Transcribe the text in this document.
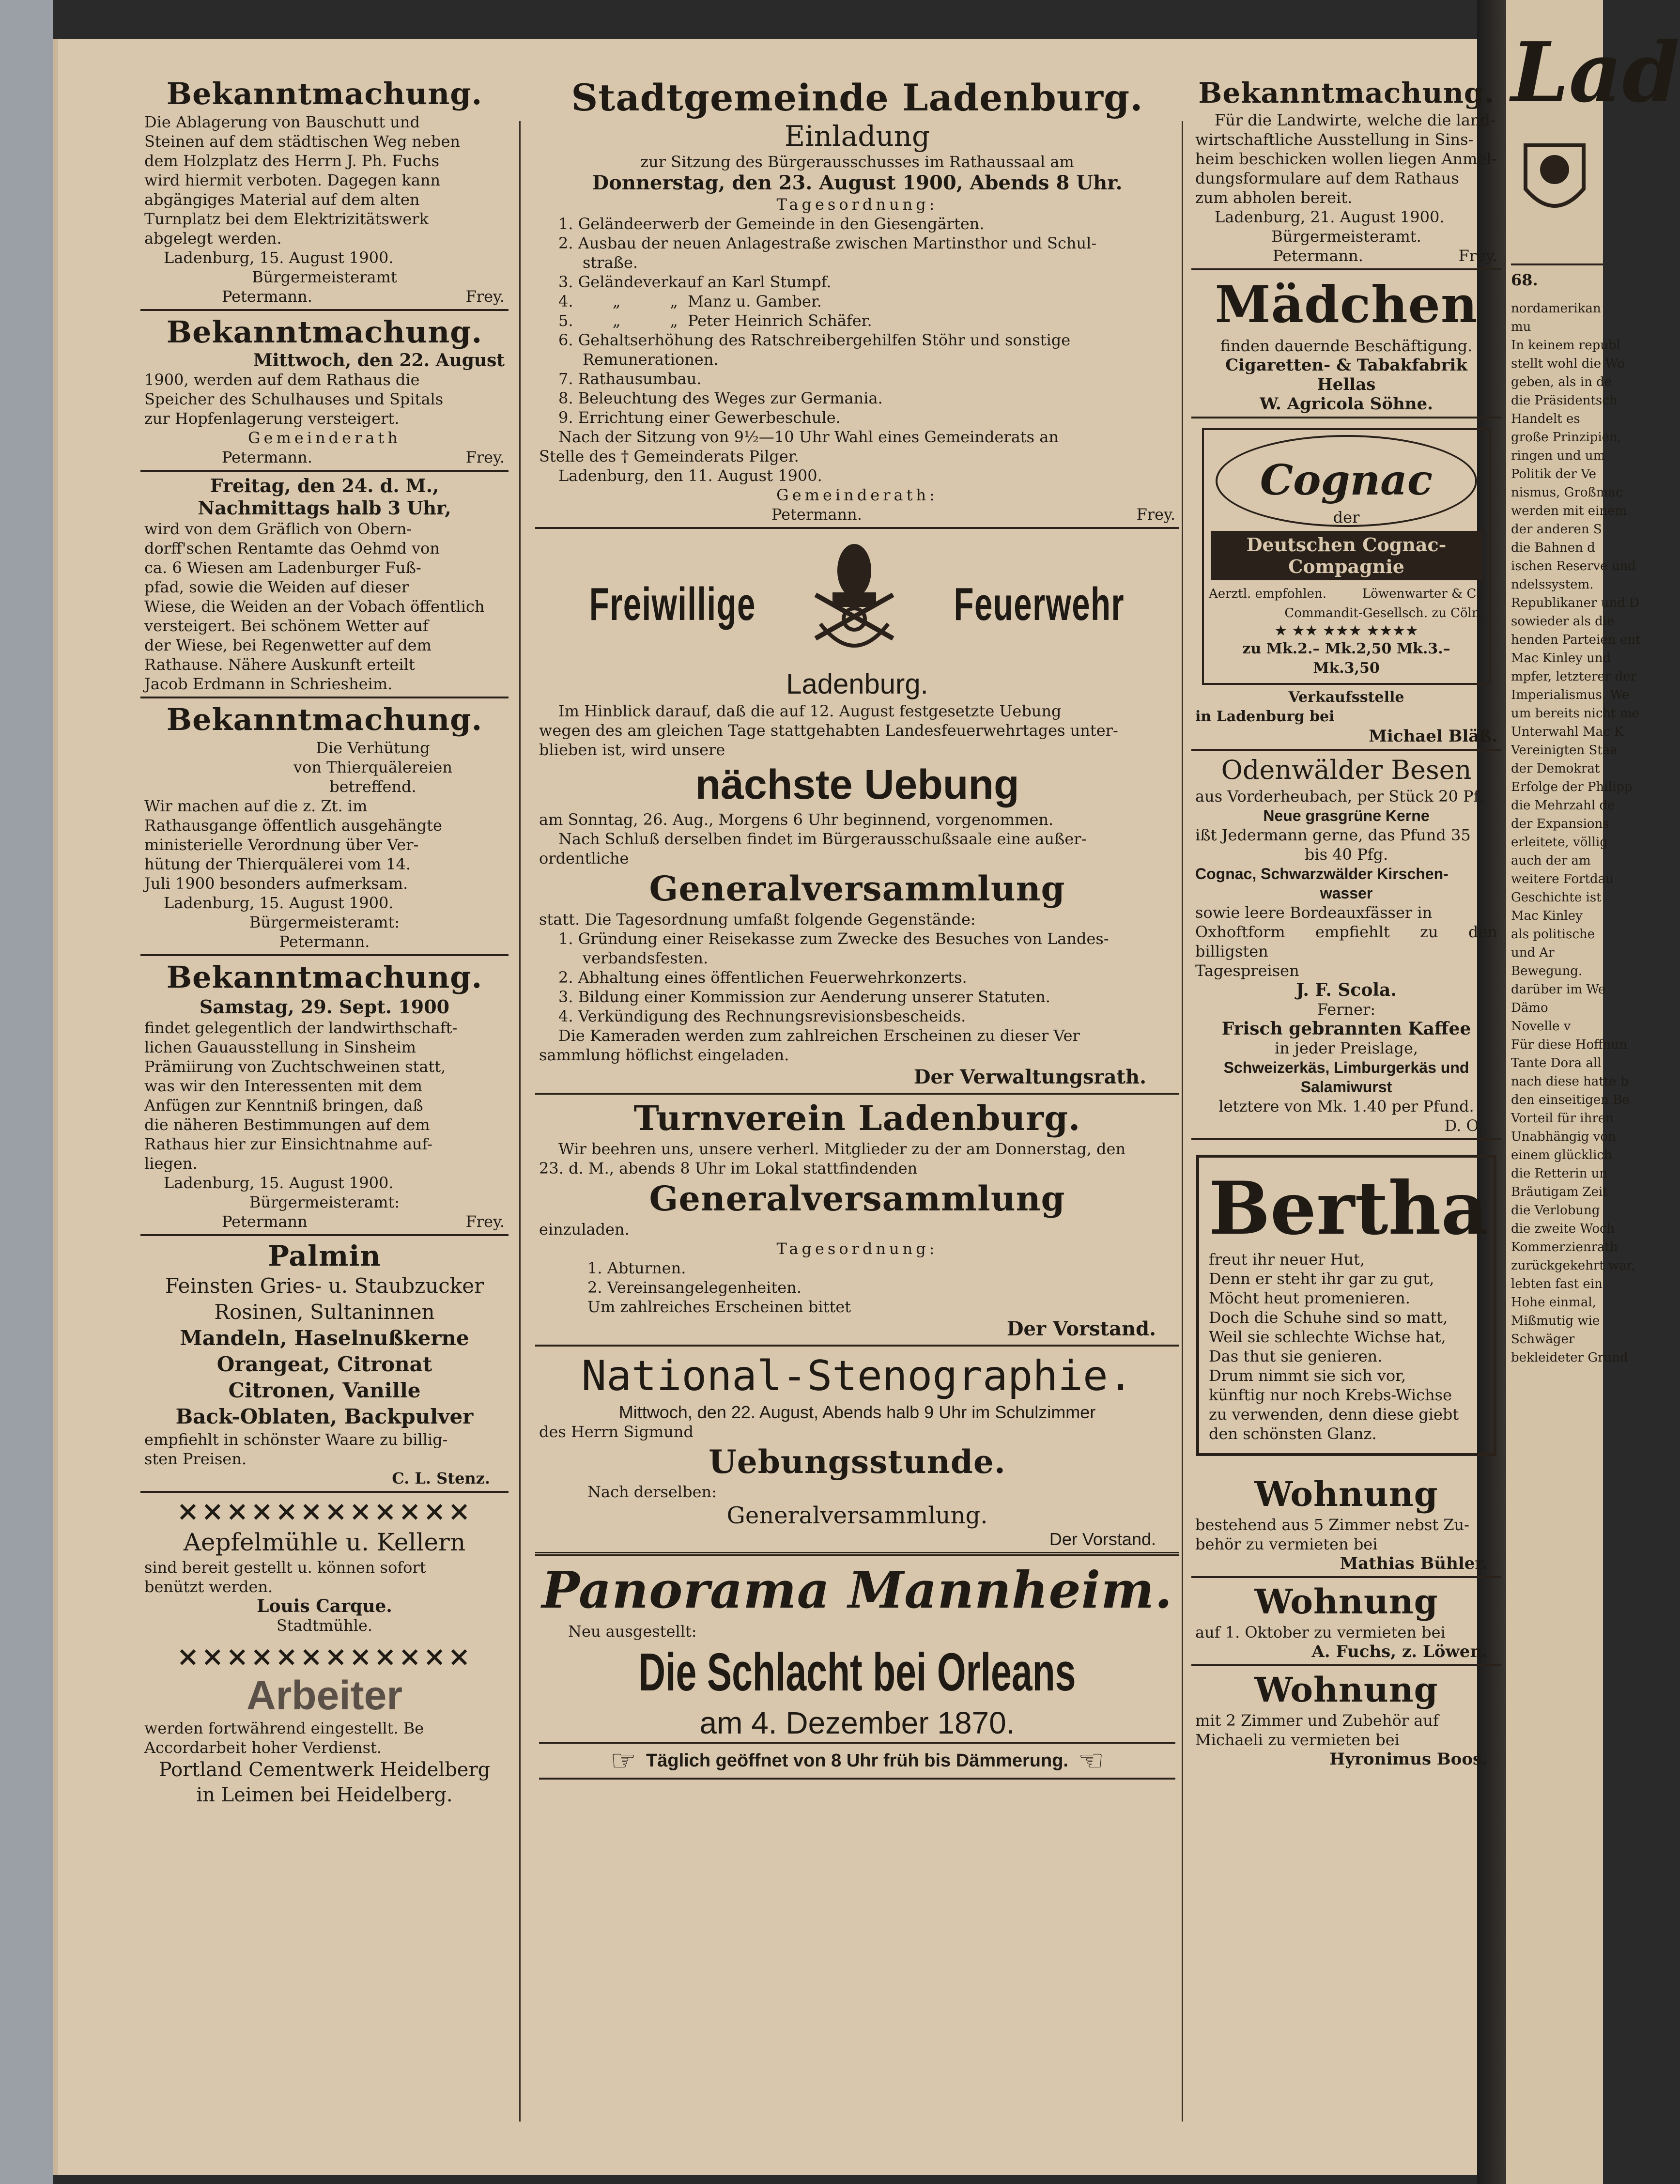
Bekanntmachung.
Die Ablagerung von Bauschutt und
Steinen auf dem städtischen Weg neben
dem Holzplatz des Herrn J. Ph. Fuchs
wird hiermit verboten. Dagegen kann
abgängiges Material auf dem alten
Turnplatz bei dem Elektrizitätswerk
abgelegt werden.
Ladenburg, 15. August 1900.
Bürgermeisteramt
Petermann.	Frey.
Bekanntmachung.
Mittwoch, den 22. August
1900, werden auf dem Rathaus die
Speicher des Schulhauses und Spitals
zur Hopfenlagerung versteigert.
Gemeinderath
Petermann.	Frey.
Freitag, den 24. d. M.,
Nachmittags halb 3 Uhr,
wird von dem Gräflich von Obern-
dorff'schen Rentamte das Oehmd von
ca. 6 Wiesen am Ladenburger Fuß-
pfad, sowie die Weiden auf dieser
Wiese, die Weiden an der Vobach öffentlich
versteigert. Bei schönem Wetter auf
der Wiese, bei Regenwetter auf dem
Rathause. Nähere Auskunft erteilt
Jacob Erdmann in Schriesheim.
Bekanntmachung.
Die Verhütung
von Thierquälereien
betreffend.
Wir machen auf die z. Zt. im
Rathausgange öffentlich ausgehängte
ministerielle Verordnung über Ver-
hütung der Thierquälerei vom 14.
Juli 1900 besonders aufmerksam.
Ladenburg, 15. August 1900.
Bürgermeisteramt:
Petermann.
Bekanntmachung.
Samstag, 29. Sept. 1900
findet gelegentlich der landwirthschaft-
lichen Gauausstellung in Sinsheim
Prämiirung von Zuchtschweinen statt,
was wir den Interessenten mit dem
Anfügen zur Kenntniß bringen, daß
die näheren Bestimmungen auf dem
Rathaus hier zur Einsichtnahme auf-
liegen.
Ladenburg, 15. August 1900.
Bürgermeisteramt:
Petermann	Frey.
Palmin
Feinsten Gries- u. Staubzucker
Rosinen, Sultaninnen
Mandeln, Haselnußkerne
Orangeat, Citronat
Citronen, Vanille
Back-Oblaten, Backpulver
empfiehlt in schönster Waare zu billig-
sten Preisen.
C. L. Stenz.
××××××××××××
Aepfelmühle u. Kellern
sind bereit gestellt u. können sofort
benützt werden.
Louis Carque.
Stadtmühle.
××××××××××××
Arbeiter
werden fortwährend eingestellt. Be
Accordarbeit hoher Verdienst.
Portland Cementwerk Heidelberg
in Leimen bei Heidelberg.
Stadtgemeinde Ladenburg.
Einladung
zur Sitzung des Bürgerausschusses im Rathaussaal am
Donnerstag, den 23. August 1900, Abends 8 Uhr.
Tagesordnung:
1. Geländeerwerb der Gemeinde in den Giesengärten.
2. Ausbau der neuen Anlagestraße zwischen Martinsthor und Schul-
straße.
3. Geländeverkauf an Karl Stumpf.
4.        „          „  Manz u. Gamber.
5.        „          „  Peter Heinrich Schäfer.
6. Gehaltserhöhung des Ratschreibergehilfen Stöhr und sonstige
Remunerationen.
7. Rathausumbau.
8. Beleuchtung des Weges zur Germania.
9. Errichtung einer Gewerbeschule.
Nach der Sitzung von 9½—10 Uhr Wahl eines Gemeinderats an
Stelle des † Gemeinderats Pilger.
Ladenburg, den 11. August 1900.
Gemeinderath:
Petermann.	Frey.
Freiwillige	Feuerwehr
Ladenburg.
Im Hinblick darauf, daß die auf 12. August festgesetzte Uebung
wegen des am gleichen Tage stattgehabten Landesfeuerwehrtages unter-
blieben ist, wird unsere
nächste Uebung
am Sonntag, 26. Aug., Morgens 6 Uhr beginnend, vorgenommen.
Nach Schluß derselben findet im Bürgerausschußsaale eine außer-
ordentliche
Generalversammlung
statt. Die Tagesordnung umfaßt folgende Gegenstände:
1. Gründung einer Reisekasse zum Zwecke des Besuches von Landes-
verbandsfesten.
2. Abhaltung eines öffentlichen Feuerwehrkonzerts.
3. Bildung einer Kommission zur Aenderung unserer Statuten.
4. Verkündigung des Rechnungsrevisionsbescheids.
Die Kameraden werden zum zahlreichen Erscheinen zu dieser Ver
sammlung höflichst eingeladen.
Der Verwaltungsrath.
Turnverein Ladenburg.
Wir beehren uns, unsere verherl. Mitglieder zu der am Donnerstag, den
23. d. M., abends 8 Uhr im Lokal stattfindenden
Generalversammlung
einzuladen.
Tagesordnung:
1. Abturnen.
2. Vereinsangelegenheiten.
Um zahlreiches Erscheinen bittet
Der Vorstand.
National-Stenographie.
Mittwoch, den 22. August, Abends halb 9 Uhr im Schulzimmer
des Herrn Sigmund
Uebungsstunde.
Nach derselben:
Generalversammlung.
Der Vorstand.
Panorama Mannheim.
Neu ausgestellt:
Die Schlacht bei Orleans
am 4. Dezember 1870.
☞ Täglich geöffnet von 8 Uhr früh bis Dämmerung. ☜
Bekanntmachung.
Für die Landwirte, welche die land-
wirtschaftliche Ausstellung in Sins-
heim beschicken wollen liegen Anmel-
dungsformulare auf dem Rathaus
zum abholen bereit.
Ladenburg, 21. August 1900.
Bürgermeisteramt.
Petermann.	Frey.
Mädchen
finden dauernde Beschäftigung.
Cigaretten- & Tabakfabrik Hellas
W. Agricola Söhne.
Cognac
der
Deutschen Cognac-Compagnie
Aerztl. empfohlen.	Löwenwarter & Co
Commandit-Gesellsch. zu Cöln.
★ ★★ ★★★ ★★★★
zu Mk.2.– Mk.2,50 Mk.3.– Mk.3,50
Verkaufsstelle
in Ladenburg bei
Michael Bläß.
Odenwälder Besen
aus Vorderheubach, per Stück 20 Pf.
Neue grasgrüne Kerne
ißt Jedermann gerne, das Pfund 35
bis 40 Pfg.
Cognac, Schwarzwälder Kirschen-
wasser
sowie leere Bordeauxfässer in
Oxhoftform empfiehlt zu den billigsten
Tagespreisen
J. F. Scola.
Ferner:
Frisch gebrannten Kaffee
in jeder Preislage,
Schweizerkäs, Limburgerkäs und
Salamiwurst
letztere von Mk. 1.40 per Pfund.
D. O.
Bertha
freut ihr neuer Hut,
Denn er steht ihr gar zu gut,
Möcht heut promenieren.
Doch die Schuhe sind so matt,
Weil sie schlechte Wichse hat,
Das thut sie genieren.
Drum nimmt sie sich vor,
künftig nur noch Krebs-Wichse
zu verwenden, denn diese giebt
den schönsten Glanz.
Wohnung
bestehend aus 5 Zimmer nebst Zu-
behör zu vermieten bei
Mathias Bühler.
Wohnung
auf 1. Oktober zu vermieten bei
A. Fuchs, z. Löwen.
Wohnung
mit 2 Zimmer und Zubehör auf
Michaeli zu vermieten bei
Hyronimus Boos.
Lad
68.
nordamerikan
mu
In keinem republ
stellt wohl die Wo
geben, als in de
die Präsidentsch
Handelt es
große Prinzipien,
ringen und um
Politik der Ve
nismus, Großmac
werden mit einem
der anderen S
die Bahnen d
ischen Reserve und
ndelssystem.
Republikaner und D
sowieder als die
henden Parteien ent
Mac Kinley und
mpfer, letzterer der
Imperialismus. We
um bereits nicht me
Unterwahl Mac K
Vereinigten Staa
der Demokrat
Erfolge der Philipp
die Mehrzahl de
der Expansions
erleitete, völlig
auch der am
weitere Fortdau
Geschichte ist
Mac Kinley
als politische
und Ar
Bewegung.
darüber im We
Dämo
Novelle v
Für diese Hoffnun
Tante Dora all
nach diese hatte b
den einseitigen Be
Vorteil für ihren
Unabhängig von
einem glücklich
die Retterin un
Bräutigam Zeit
die Verlobung
die zweite Woch
Kommerzienrath
zurückgekehrt war,
lebten fast ein
Hohe einmal,
Mißmutig wie
Schwäger
bekleideter Grund
